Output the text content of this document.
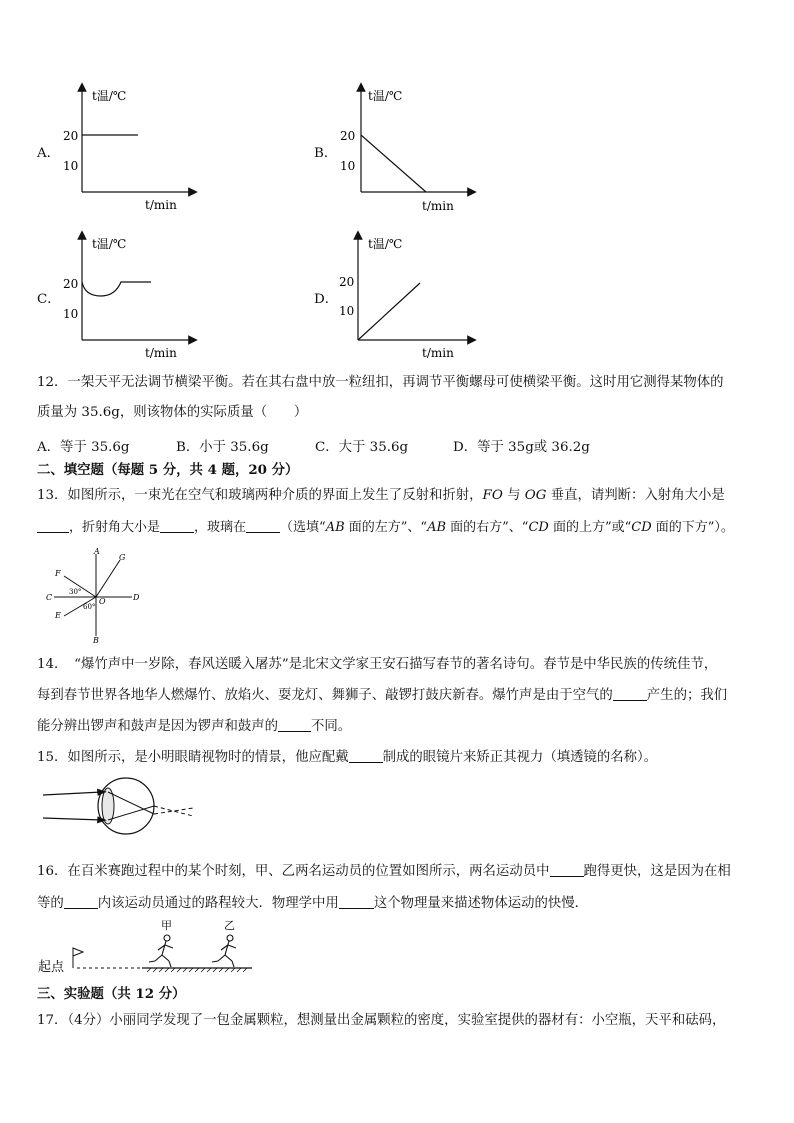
A．
t温/℃
20
10
t/min
B．
t温/℃
20
10
t/min
C．
t温/℃
20
10
t/min
D．
t温/℃
10
20
t/min
12．一架天平无法调节横梁平衡。若在其右盘中放一粒纽扣，再调节平衡螺母可使横梁平衡。这时用它测得某物体的
质量为 35.6g，则该物体的实际质量（　　）
A．等于 35.6g	B．小于 35.6g	C．大于 35.6g	D．等于 35g或 36.2g
二、填空题（每题 5 分，共 4 题，20 分）
13．如图所示，一束光在空气和玻璃两种介质的界面上发生了反射和折射，FO 与 OG 垂直，请判断：入射角大小是
，折射角大小是	，玻璃在	（选填“AB 面的左方”、“AB 面的右方”、“CD 面的上方”或“CD 面的下方”）。
A
G
F
C	O	D
E
B
30°
60°
14．　“爆竹声中一岁除，春风送暖入屠苏”是北宋文学家王安石描写春节的著名诗句。春节是中华民族的传统佳节，
每到春节世界各地华人燃爆竹、放焰火、耍龙灯、舞狮子、敲锣打鼓庆新春。爆竹声是由于空气的	产生的；我们
能分辨出锣声和鼓声是因为锣声和鼓声的 不同。
15．如图所示，是小明眼睛视物时的情景，他应配戴	制成的眼镜片来矫正其视力（填透镜的名称）。
16．在百米赛跑过程中的某个时刻，甲、乙两名运动员的位置如图所示，两名运动员中	跑得更快，这是因为在相
等的	内该运动员通过的路程较大．物理学中用	这个物理量来描述物体运动的快慢．
起点
甲	乙
三、实验题（共 12 分）
17．（4分）小丽同学发现了一包金属颗粒，想测量出金属颗粒的密度，实验室提供的器材有：小空瓶，天平和砝码，
